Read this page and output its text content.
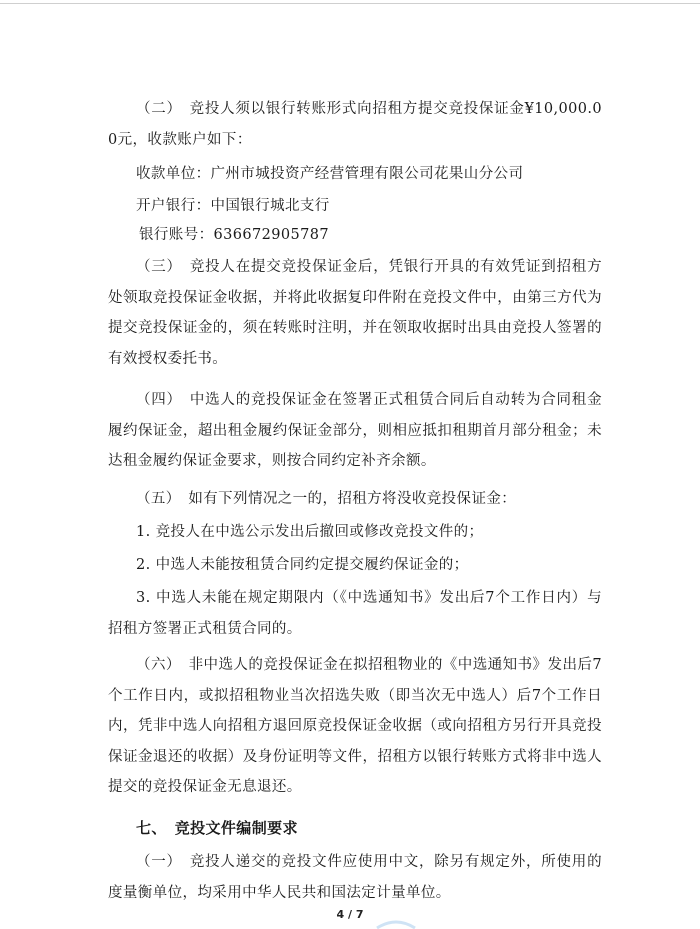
（二）　竞投人须以银行转账形式向招租方提交竞投保证金¥10,000.00元，收款账户如下：

收款单位：广州市城投资产经营管理有限公司花果山分公司

开户银行：中国银行城北支行

银行账号：636672905787

（三）　竞投人在提交竞投保证金后，凭银行开具的有效凭证到招租方处领取竞投保证金收据，并将此收据复印件附在竞投文件中，由第三方代为提交竞投保证金的，须在转账时注明，并在领取收据时出具由竞投人签署的有效授权委托书。

（四）　中选人的竞投保证金在签署正式租赁合同后自动转为合同租金履约保证金，超出租金履约保证金部分，则相应抵扣租期首月部分租金；未达租金履约保证金要求，则按合同约定补齐余额。

（五）　如有下列情况之一的，招租方将没收竞投保证金：

1. 竞投人在中选公示发出后撤回或修改竞投文件的；

2. 中选人未能按租赁合同约定提交履约保证金的；

3. 中选人未能在规定期限内（《中选通知书》发出后7个工作日内）与招租方签署正式租赁合同的。

（六）　非中选人的竞投保证金在拟招租物业的《中选通知书》发出后7个工作日内，或拟招租物业当次招选失败（即当次无中选人）后7个工作日内，凭非中选人向招租方退回原竞投保证金收据（或向招租方另行开具竞投保证金退还的收据）及身份证明等文件，招租方以银行转账方式将非中选人提交的竞投保证金无息退还。

七、　竞投文件编制要求

（一）　竞投人递交的竞投文件应使用中文，除另有规定外，所使用的度量衡单位，均采用中华人民共和国法定计量单位。

4 / 7
